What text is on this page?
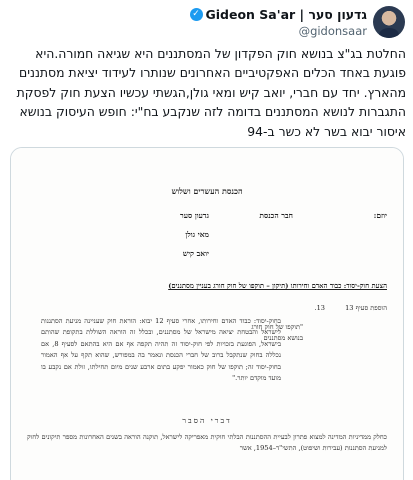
✓ Gideon Sa'ar | גדעון סער
@gidonsaar
החלטת בג"צ בנושא חוק הפקדון של המסתננים היא שגיאה חמורה.היא פוגעת באחד הכלים האפקטיביים האחרונים שנותרו לעידוד יציאת מסתננים מהארץ. יחד עם חברי, יואב קיש ומאי גולן,הגשתי עכשיו הצעת חוק לפסקת התגברות לנושא המסתננים בדומה לזה שנקבע בח"י: חופש העיסוק בנושא איסור יבוא בשר לא כשר ב-94
הכנסת העשרים ושלוש
יוזם:
חבר הכנסת
גדעון סער
מאי גולן
יואב קיש
הצעת חוק-יסוד: כבוד האדם וחירותו (תיקון – תוקפו של חוק חורג בעניין מסתננים)
הוספת סעיף 13
13.
"תוקפו של חוק חורג בנושא מסתננים
בחוק-יסוד: כבוד האדם וחירותו, אחרי סעיף 12 יבוא: הוראת חוק שעניינה מניעת הסתננות לישראל והבטחת יציאה מישראל של מסתננים, ובכלל זה הוראה השוללת בתקופת שהותם בישראל, הפוגעת בזכויות לפי חוק-יסוד זה תהיה תקפה אף אם היא בהתאם לסעיף 8, אם נכללה בחוק שנתקבל ברוב של חברי הכנסת ונאמר בה במפורש, שהוא תקף על אף האמור בחוק-יסוד זה; תוקפו של חוק כאמור יפקע בתום ארבע שנים מיום תחילתו, זולת אם נקבע בו מועד מוקדם יותר."
דברי הסבר
כחלק ממדיניות המדינה למצוא פתרון לבעיית ההסתננות הבלתי חוקית מאפריקה לישראל, תוקנה הוראה בשנים האחרונות מספר תיקונים לחוק למניעת הסתננות (עבירות ושיפוט), התשי"ד–1954, אשר
